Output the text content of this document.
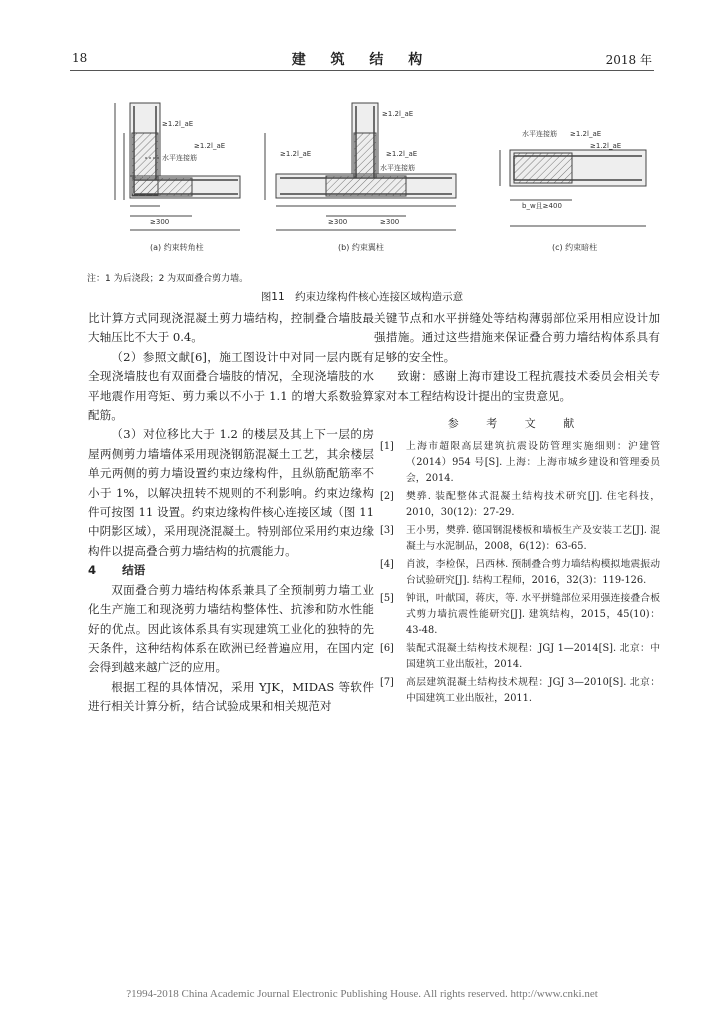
18	建 筑 结 构	2018 年
≥1.2l_aE
水平连接筋
≥1.2l_aE
≥300
(a) 约束转角柱
≥1.2l_aE	≥1.2l_aE
水平连接筋
≥1.2l_aE
≥300	≥300
(b) 约束翼柱
水平连接筋 ≥1.2l_aE
≥1.2l_aE
b_w且≥400
(c) 约束暗柱
注：1 为后浇段；2 为双面叠合剪力墙。
图11　约束边缘构件核心连接区域构造示意

比计算方式同现浇混凝土剪力墙结构，控制叠合墙肢最大轴压比不大于 0.4。

（2）参照文献[6]，施工图设计中对同一层内既有全现浇墙肢也有双面叠合墙肢的情况，全现浇墙肢的水平地震作用弯矩、剪力乘以不小于 1.1 的增大系数验算配筋。

（3）对位移比大于 1.2 的楼层及其上下一层的房屋两侧剪力墙墙体采用现浇钢筋混凝土工艺，其余楼层单元两侧的剪力墙设置约束边缘构件，且纵筋配筋率不小于 1%，以解决扭转不规则的不利影响。约束边缘构件可按图 11 设置。约束边缘构件核心连接区域（图 11 中阴影区域），采用现浇混凝土。特别部位采用约束边缘构件以提高叠合剪力墙结构的抗震能力。

4 结语

双面叠合剪力墙结构体系兼具了全预制剪力墙工业化生产施工和现浇剪力墙结构整体性、抗渗和防水性能好的优点。因此该体系具有实现建筑工业化的独特的先天条件，这种结构体系在欧洲已经普遍应用，在国内定会得到越来越广泛的应用。

根据工程的具体情况，采用 YJK，MIDAS 等软件进行相关计算分析，结合试验成果和相关规范对

关键节点和水平拼缝处等结构薄弱部位采用相应设计加强措施。通过这些措施来保证叠合剪力墙结构体系具有足够的安全性。

致谢：感谢上海市建设工程抗震技术委员会相关专家对本工程结构设计提出的宝贵意见。

参 考 文 献
[1] 上海市超限高层建筑抗震设防管理实施细则：沪建管（2014）954 号[S]. 上海：上海市城乡建设和管理委员会，2014.
[2] 樊骅. 装配整体式混凝土结构技术研究[J]. 住宅科技，2010，30(12)：27-29.
[3] 王小男，樊骅. 德国钢混楼板和墙板生产及安装工艺[J]. 混凝土与水泥制品，2008，6(12)：63-65.
[4] 肖波，李检保，吕西林. 预制叠合剪力墙结构模拟地震振动台试验研究[J]. 结构工程师，2016，32(3)：119-126.
[5] 钟讯，叶献国，蒋庆，等. 水平拼缝部位采用强连接叠合板式剪力墙抗震性能研究[J]. 建筑结构，2015，45(10)：43-48.
[6] 装配式混凝土结构技术规程：JGJ 1—2014[S]. 北京：中国建筑工业出版社，2014.
[7] 高层建筑混凝土结构技术规程：JGJ 3—2010[S]. 北京：中国建筑工业出版社，2011.
?1994-2018 China Academic Journal Electronic Publishing House. All rights reserved. http://www.cnki.net
